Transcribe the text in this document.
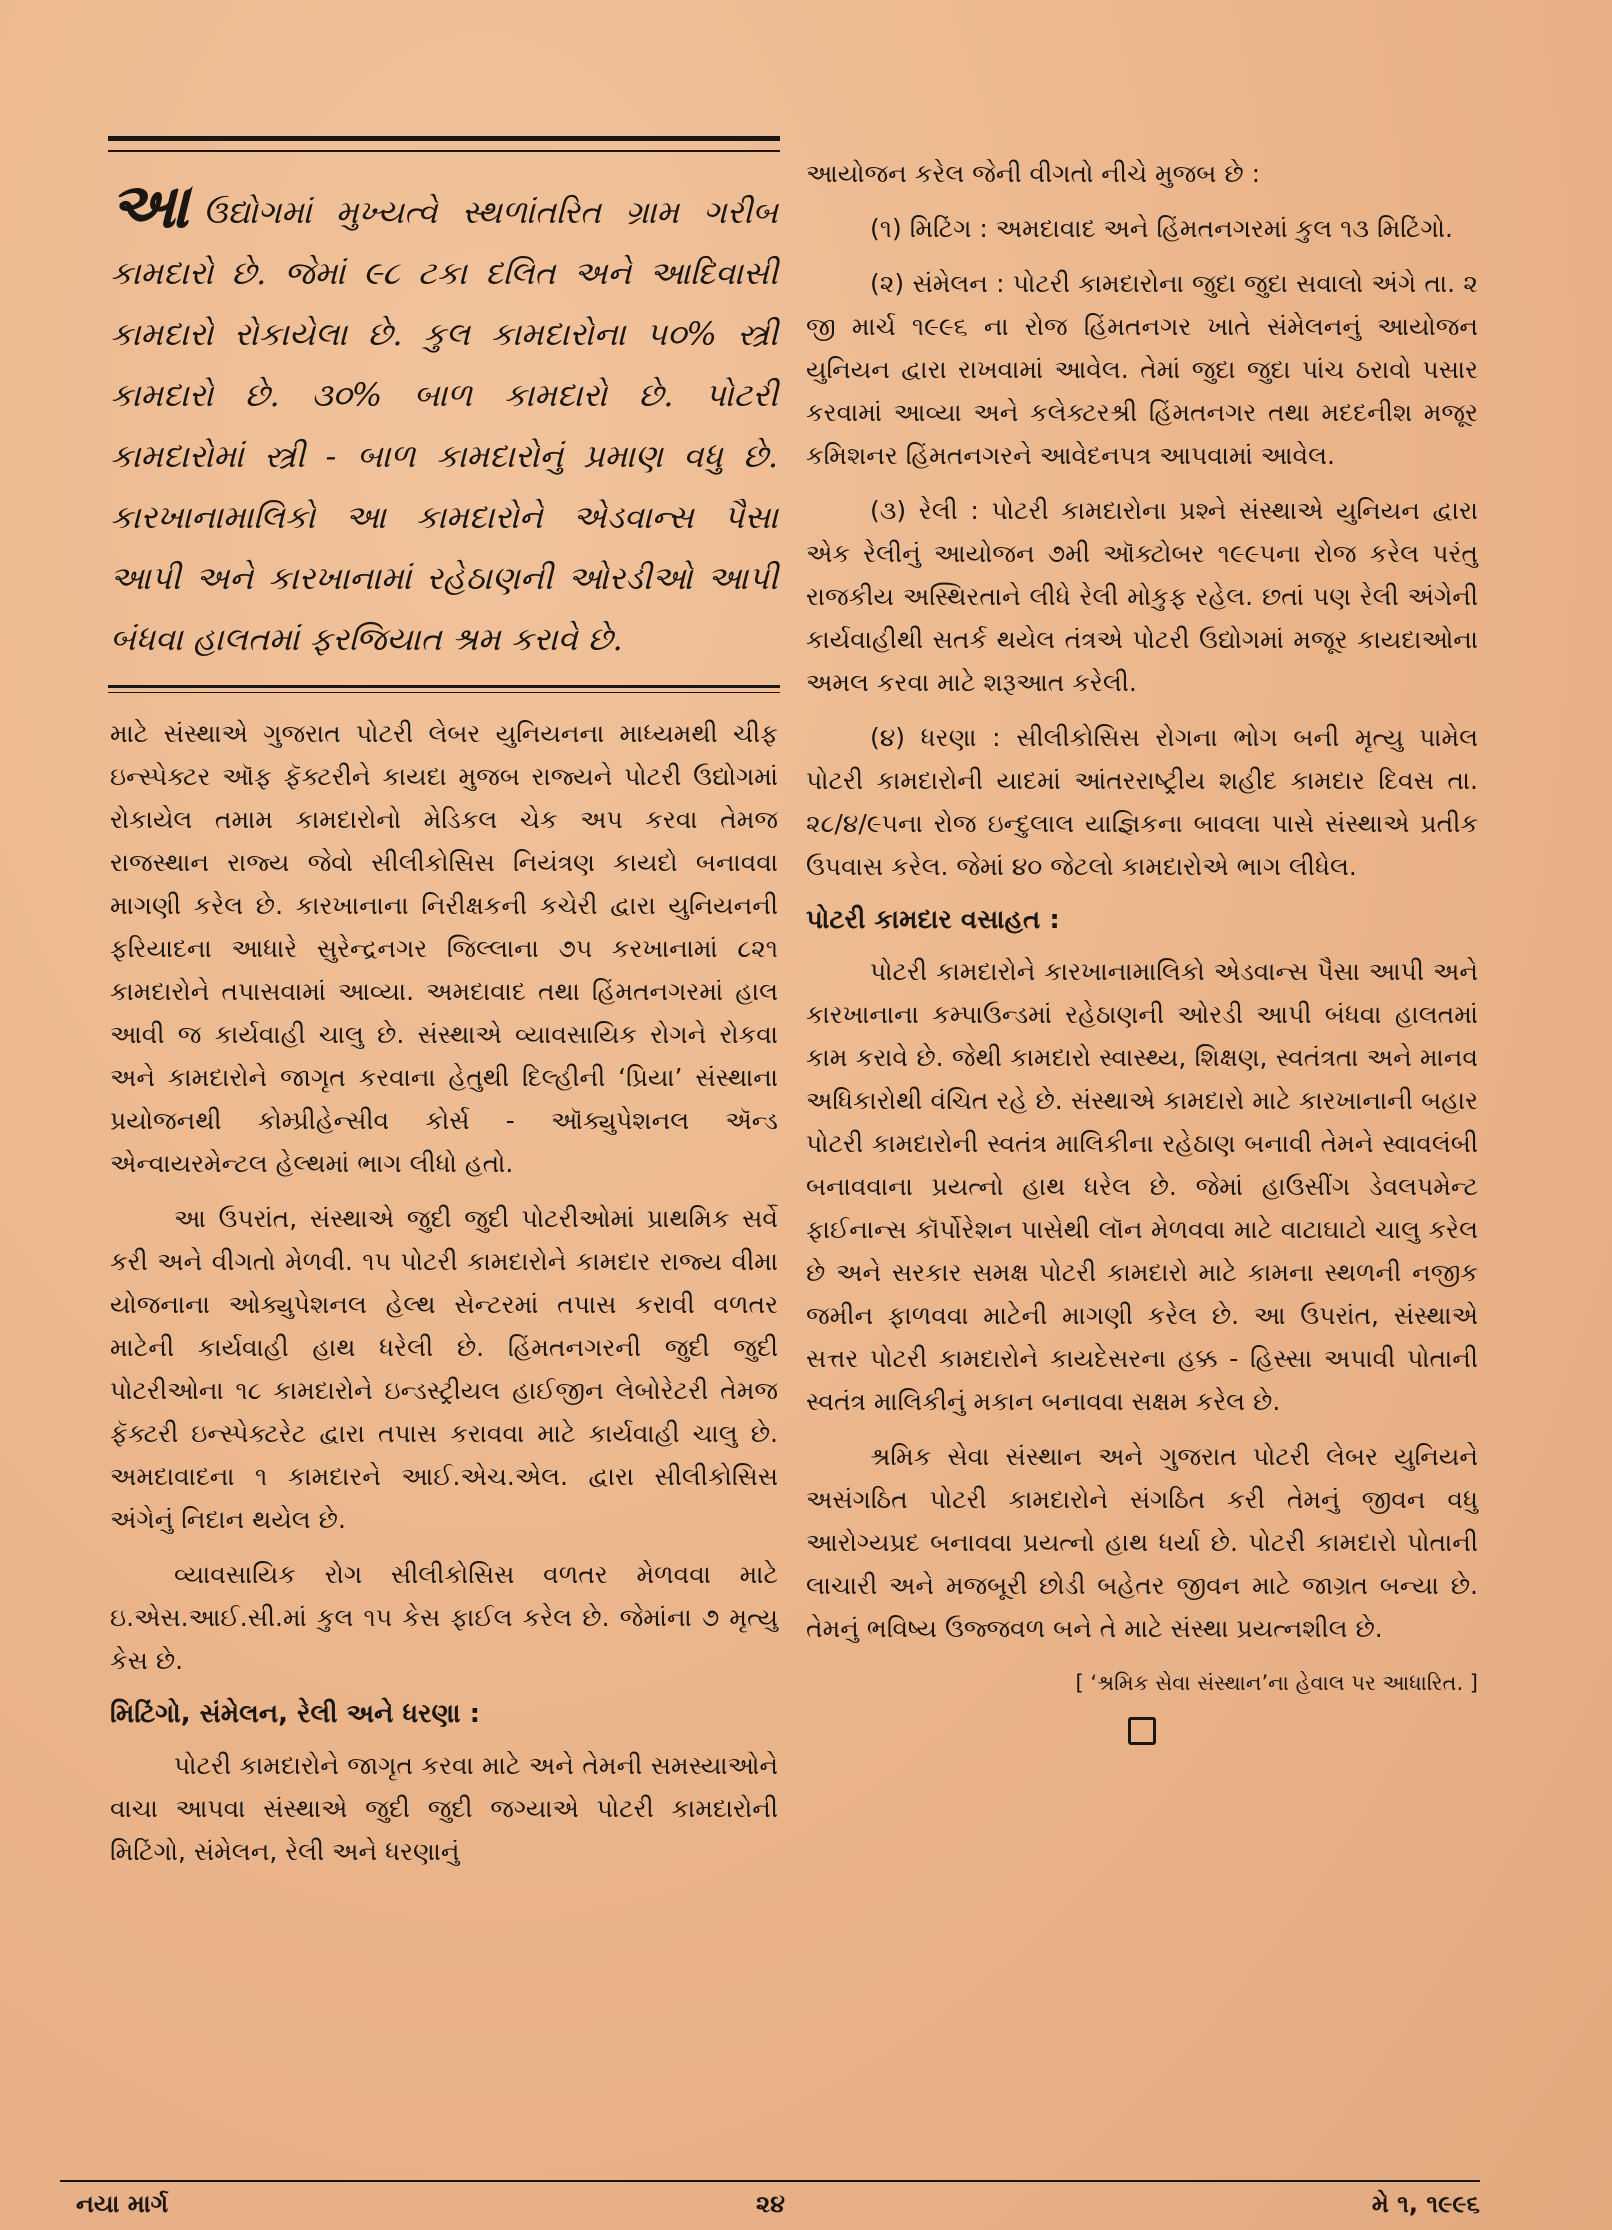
આઉદ્યોગમાં મુખ્યત્વે સ્થળાંતરિત ગ્રામ ગરીબ કામદારો છે. જેમાં ૯૮ ટકા દલિત અને આદિવાસી કામદારો રોકાયેલા છે. કુલ કામદારોના ૫૦% સ્ત્રી કામદારો છે. ૩૦% બાળ કામદારો છે. પોટરી કામદારોમાં સ્ત્રી - બાળ કામદારોનું પ્રમાણ વધુ છે. કારખાનામાલિકો આ કામદારોને એડવાન્સ પૈસા આપી અને કારખાનામાં રહેઠાણની ઓરડીઓ આપી બંધવા હાલતમાં ફરજિયાત શ્રમ કરાવે છે.

માટે સંસ્થાએ ગુજરાત પોટરી લેબર યુનિયનના માધ્યમથી ચીફ ઇન્સ્પેક્ટર ઑફ ફૅક્ટરીને કાયદા મુજબ રાજ્યને પોટરી ઉદ્યોગમાં રોકાયેલ તમામ કામદારોનો મેડિકલ ચેક અપ કરવા તેમજ રાજસ્થાન રાજ્ય જેવો સીલીકોસિસ નિયંત્રણ કાયદો બનાવવા માગણી કરેલ છે. કારખાનાના નિરીક્ષકની કચેરી દ્વારા યુનિયનની ફરિયાદના આધારે સુરેન્દ્રનગર જિલ્લાના ૭૫ કરખાનામાં ૮૨૧ કામદારોને તપાસવામાં આવ્યા. અમદાવાદ તથા હિંમતનગરમાં હાલ આવી જ કાર્યવાહી ચાલુ છે. સંસ્થાએ વ્યાવસાયિક રોગને રોકવા અને કામદારોને જાગૃત કરવાના હેતુથી દિલ્હીની ‘પ્રિયા’ સંસ્થાના પ્રયોજનથી કોમ્પ્રીહેન્સીવ કોર્સ - ઑક્યુપેશનલ ઍન્ડ એન્વાયરમેન્ટલ હેલ્થમાં ભાગ લીધો હતો.

આ ઉપરાંત, સંસ્થાએ જુદી જુદી પોટરીઓમાં પ્રાથમિક સર્વે કરી અને વીગતો મેળવી. ૧૫ પોટરી કામદારોને કામદાર રાજ્ય વીમા યોજનાના ઓક્યુપેશનલ હેલ્થ સેન્ટરમાં તપાસ કરાવી વળતર માટેની કાર્યવાહી હાથ ધરેલી છે. હિંમતનગરની જુદી જુદી પોટરીઓના ૧૮ કામદારોને ઇન્ડસ્ટ્રીયલ હાઈજીન લેબોરેટરી તેમજ ફૅક્ટરી ઇન્સ્પેક્ટરેટ દ્વારા તપાસ કરાવવા માટે કાર્યવાહી ચાલુ છે. અમદાવાદના ૧ કામદારને આઈ.એચ.એલ. દ્વારા સીલીકોસિસ અંગેનું નિદાન થયેલ છે.

વ્યાવસાયિક રોગ સીલીકોસિસ વળતર મેળવવા માટે ઇ.એસ.આઈ.સી.માં કુલ ૧૫ કેસ ફાઈલ કરેલ છે. જેમાંના ૭ મૃત્યુ કેસ છે.

મિટિંગો, સંમેલન, રેલી અને ધરણા :

પોટરી કામદારોને જાગૃત કરવા માટે અને તેમની સમસ્યાઓને વાચા આપવા સંસ્થાએ જુદી જુદી જગ્યાએ પોટરી કામદારોની મિટિંગો, સંમેલન, રેલી અને ધરણાનું

આયોજન કરેલ જેની વીગતો નીચે મુજબ છે :

(૧) મિટિંગ : અમદાવાદ અને હિંમતનગરમાં કુલ ૧૩ મિટિંગો.

(૨) સંમેલન : પોટરી કામદારોના જુદા જુદા સવાલો અંગે તા. ૨ જી માર્ચ ૧૯૯૬ ના રોજ હિંમતનગર ખાતે સંમેલનનું આયોજન યુનિયન દ્વારા રાખવામાં આવેલ. તેમાં જુદા જુદા પાંચ ઠરાવો પસાર કરવામાં આવ્યા અને કલેક્ટરશ્રી હિંમતનગર તથા મદદનીશ મજૂર કમિશનર હિંમતનગરને આવેદનપત્ર આપવામાં આવેલ.

(૩) રેલી : પોટરી કામદારોના પ્રશ્ને સંસ્થાએ યુનિયન દ્વારા એક રેલીનું આયોજન ૭મી ઑક્ટોબર ૧૯૯૫ના રોજ કરેલ પરંતુ રાજકીય અસ્થિરતાને લીધે રેલી મોકુફ રહેલ. છતાં પણ રેલી અંગેની કાર્યવાહીથી સતર્ક થયેલ તંત્રએ પોટરી ઉદ્યોગમાં મજૂર કાયદાઓના અમલ કરવા માટે શરૂઆત કરેલી.

(૪) ધરણા : સીલીકોસિસ રોગના ભોગ બની મૃત્યુ પામેલ પોટરી કામદારોની યાદમાં આંતરરાષ્ટ્રીય શહીદ કામદાર દિવસ તા. ૨૮/૪/૯૫ના રોજ ઇન્દુલાલ યાજ્ઞિકના બાવલા પાસે સંસ્થાએ પ્રતીક ઉપવાસ કરેલ. જેમાં ૪૦ જેટલો કામદારોએ ભાગ લીધેલ.

પોટરી કામદાર વસાહત :

પોટરી કામદારોને કારખાનામાલિકો એડવાન્સ પૈસા આપી અને કારખાનાના કમ્પાઉન્ડમાં રહેઠાણની ઓરડી આપી બંધવા હાલતમાં કામ કરાવે છે. જેથી કામદારો સ્વાસ્થ્ય, શિક્ષણ, સ્વતંત્રતા અને માનવ અધિકારોથી વંચિત રહે છે. સંસ્થાએ કામદારો માટે કારખાનાની બહાર પોટરી કામદારોની સ્વતંત્ર માલિકીના રહેઠાણ બનાવી તેમને સ્વાવલંબી બનાવવાના પ્રયત્નો હાથ ધરેલ છે. જેમાં હાઉસીંગ ડેવલપમેન્ટ ફાઈનાન્સ કૉર્પોરેશન પાસેથી લૉન મેળવવા માટે વાટાઘાટો ચાલુ કરેલ છે અને સરકાર સમક્ષ પોટરી કામદારો માટે કામના સ્થળની નજીક જમીન ફાળવવા માટેની માગણી કરેલ છે. આ ઉપરાંત, સંસ્થાએ સત્તર પોટરી કામદારોને કાયદેસરના હક્ક - હિસ્સા અપાવી પોતાની સ્વતંત્ર માલિકીનું મકાન બનાવવા સક્ષમ કરેલ છે.

શ્રમિક સેવા સંસ્થાન અને ગુજરાત પોટરી લેબર યુનિયને અસંગઠિત પોટરી કામદારોને સંગઠિત કરી તેમનું જીવન વધુ આરોગ્યપ્રદ બનાવવા પ્રયત્નો હાથ ધર્યા છે. પોટરી કામદારો પોતાની લાચારી અને મજબૂરી છોડી બહેતર જીવન માટે જાગ્રત બન્યા છે. તેમનું ભવિષ્ય ઉજ્જવળ બને તે માટે સંસ્થા પ્રયત્નશીલ છે.

[ ‘શ્રમિક સેવા સંસ્થાન’ના હેવાલ પર આધારિત. ]

નયા માર્ગ	૨૪	મે ૧, ૧૯૯૬
